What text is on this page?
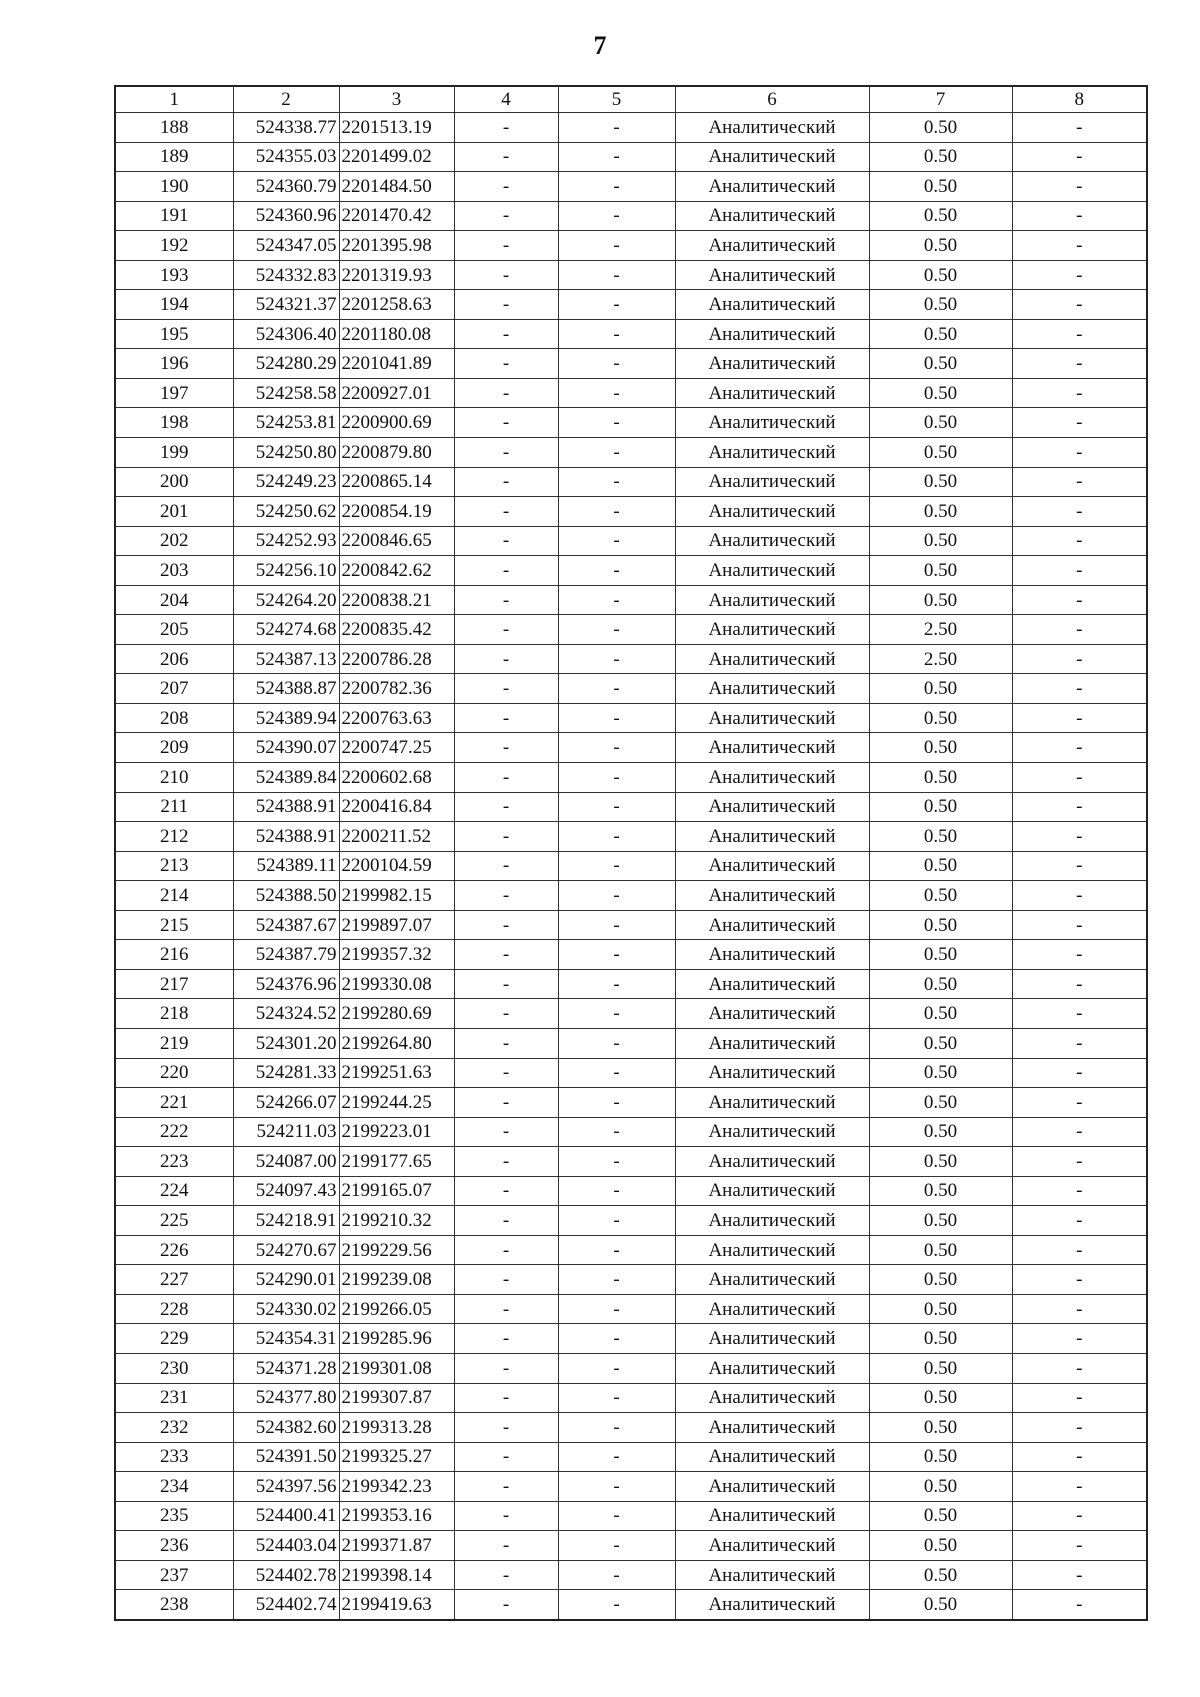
7
1	2	3	4	5	6	7	8
188	524338.77	2201513.19	-	-	Аналитический	0.50	-
189	524355.03	2201499.02	-	-	Аналитический	0.50	-
190	524360.79	2201484.50	-	-	Аналитический	0.50	-
191	524360.96	2201470.42	-	-	Аналитический	0.50	-
192	524347.05	2201395.98	-	-	Аналитический	0.50	-
193	524332.83	2201319.93	-	-	Аналитический	0.50	-
194	524321.37	2201258.63	-	-	Аналитический	0.50	-
195	524306.40	2201180.08	-	-	Аналитический	0.50	-
196	524280.29	2201041.89	-	-	Аналитический	0.50	-
197	524258.58	2200927.01	-	-	Аналитический	0.50	-
198	524253.81	2200900.69	-	-	Аналитический	0.50	-
199	524250.80	2200879.80	-	-	Аналитический	0.50	-
200	524249.23	2200865.14	-	-	Аналитический	0.50	-
201	524250.62	2200854.19	-	-	Аналитический	0.50	-
202	524252.93	2200846.65	-	-	Аналитический	0.50	-
203	524256.10	2200842.62	-	-	Аналитический	0.50	-
204	524264.20	2200838.21	-	-	Аналитический	0.50	-
205	524274.68	2200835.42	-	-	Аналитический	2.50	-
206	524387.13	2200786.28	-	-	Аналитический	2.50	-
207	524388.87	2200782.36	-	-	Аналитический	0.50	-
208	524389.94	2200763.63	-	-	Аналитический	0.50	-
209	524390.07	2200747.25	-	-	Аналитический	0.50	-
210	524389.84	2200602.68	-	-	Аналитический	0.50	-
211	524388.91	2200416.84	-	-	Аналитический	0.50	-
212	524388.91	2200211.52	-	-	Аналитический	0.50	-
213	524389.11	2200104.59	-	-	Аналитический	0.50	-
214	524388.50	2199982.15	-	-	Аналитический	0.50	-
215	524387.67	2199897.07	-	-	Аналитический	0.50	-
216	524387.79	2199357.32	-	-	Аналитический	0.50	-
217	524376.96	2199330.08	-	-	Аналитический	0.50	-
218	524324.52	2199280.69	-	-	Аналитический	0.50	-
219	524301.20	2199264.80	-	-	Аналитический	0.50	-
220	524281.33	2199251.63	-	-	Аналитический	0.50	-
221	524266.07	2199244.25	-	-	Аналитический	0.50	-
222	524211.03	2199223.01	-	-	Аналитический	0.50	-
223	524087.00	2199177.65	-	-	Аналитический	0.50	-
224	524097.43	2199165.07	-	-	Аналитический	0.50	-
225	524218.91	2199210.32	-	-	Аналитический	0.50	-
226	524270.67	2199229.56	-	-	Аналитический	0.50	-
227	524290.01	2199239.08	-	-	Аналитический	0.50	-
228	524330.02	2199266.05	-	-	Аналитический	0.50	-
229	524354.31	2199285.96	-	-	Аналитический	0.50	-
230	524371.28	2199301.08	-	-	Аналитический	0.50	-
231	524377.80	2199307.87	-	-	Аналитический	0.50	-
232	524382.60	2199313.28	-	-	Аналитический	0.50	-
233	524391.50	2199325.27	-	-	Аналитический	0.50	-
234	524397.56	2199342.23	-	-	Аналитический	0.50	-
235	524400.41	2199353.16	-	-	Аналитический	0.50	-
236	524403.04	2199371.87	-	-	Аналитический	0.50	-
237	524402.78	2199398.14	-	-	Аналитический	0.50	-
238	524402.74	2199419.63	-	-	Аналитический	0.50	-
